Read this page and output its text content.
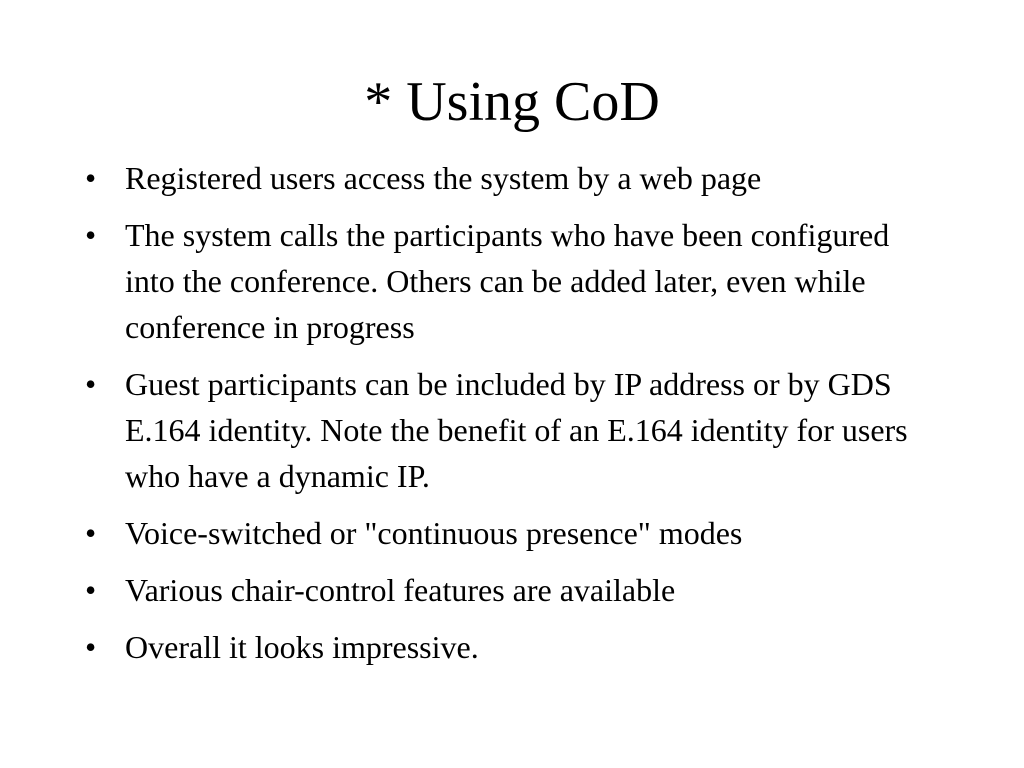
* Using CoD
• Registered users access the system by a web page
• The system calls the participants who have been configured into the conference. Others can be added later, even while conference in progress
• Guest participants can be included by IP address or by GDS E.164 identity. Note the benefit of an E.164 identity for users who have a dynamic IP.
• Voice-switched or "continuous presence" modes
• Various chair-control features are available
• Overall it looks impressive.
